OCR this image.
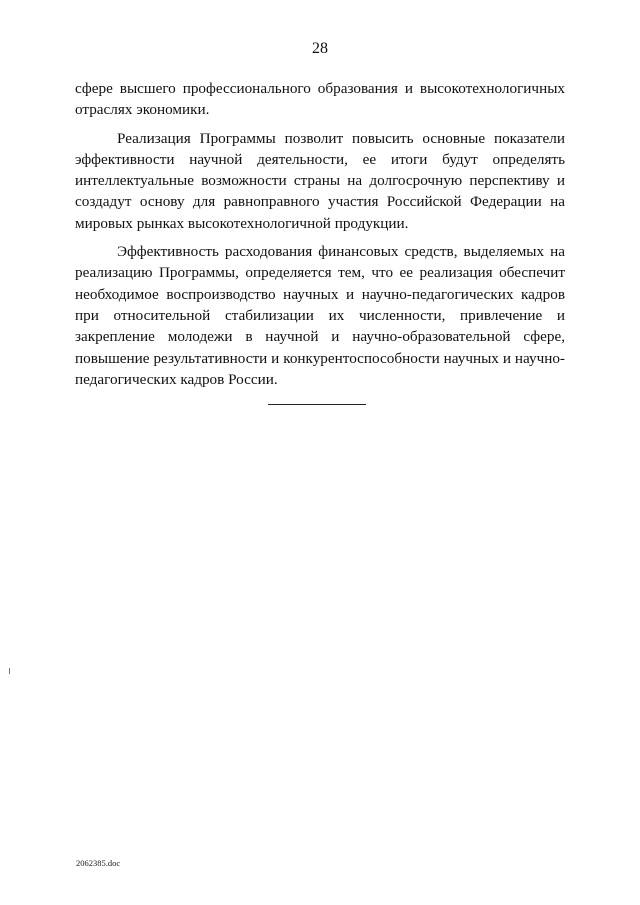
28

сфере высшего профессионального образования и высокотехнологичных отраслях экономики.

Реализация Программы позволит повысить основные показатели эффективности научной деятельности, ее итоги будут определять интеллектуальные возможности страны на долгосрочную перспективу и создадут основу для равноправного участия Российской Федерации на мировых рынках высокотехнологичной продукции.

Эффективность расходования финансовых средств, выделяемых на реализацию Программы, определяется тем, что ее реализация обеспечит необходимое воспроизводство научных и научно-педагогических кадров при относительной стабилизации их численности, привлечение и закрепление молодежи в научной и научно-образовательной сфере, повышение результативности и конкурентоспособности научных и научно-педагогических кадров России.

2062385.doc
